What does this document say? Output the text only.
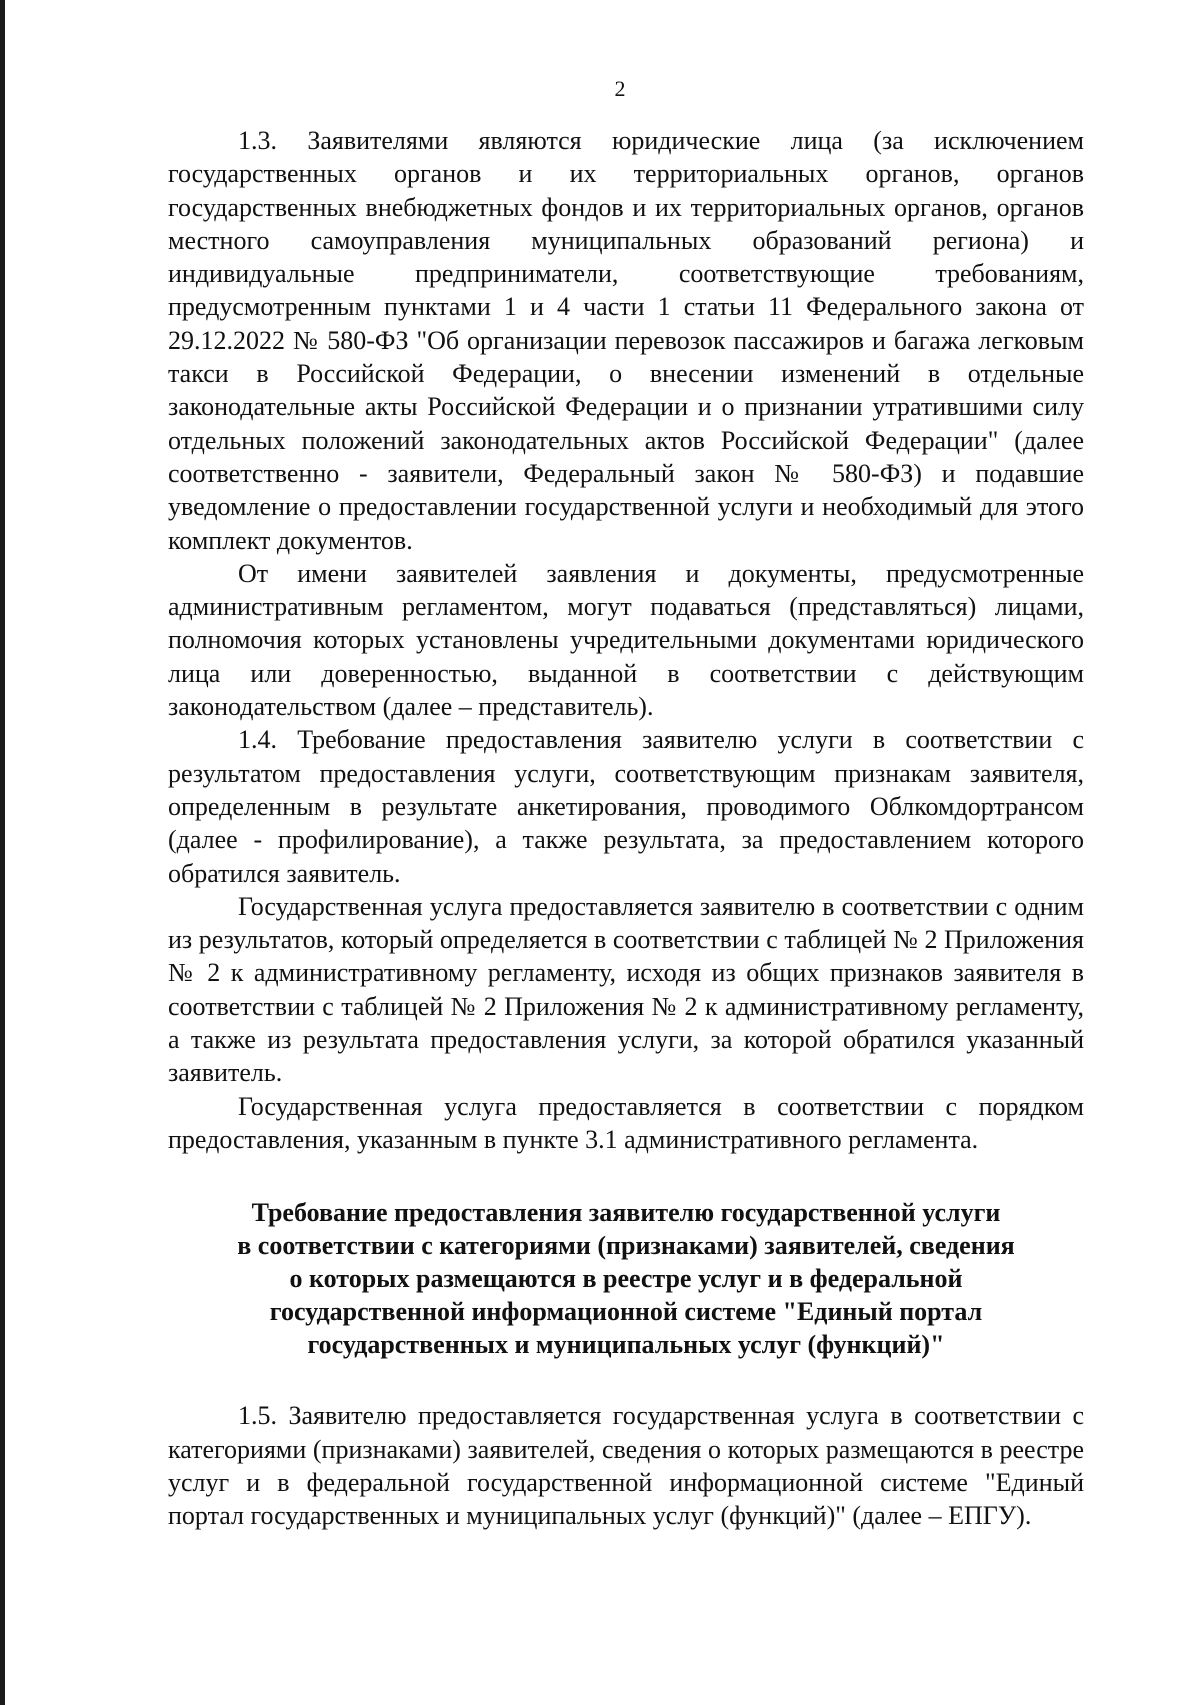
2

1.3. Заявителями являются юридические лица (за исключением государственных органов и их территориальных органов, органов государственных внебюджетных фондов и их территориальных органов, органов местного самоуправления муниципальных образований региона) и индивидуальные предприниматели, соответствующие требованиям, предусмотренным пунктами 1 и 4 части 1 статьи 11 Федерального закона от 29.12.2022 № 580-ФЗ "Об организации перевозок пассажиров и багажа легковым такси в Российской Федерации, о внесении изменений в отдельные законодательные акты Российской Федерации и о признании утратившими силу отдельных положений законодательных актов Российской Федерации" (далее соответственно - заявители, Федеральный закон № 580-ФЗ) и подавшие уведомление о предоставлении государственной услуги и необходимый для этого комплект документов.

От имени заявителей заявления и документы, предусмотренные административным регламентом, могут подаваться (представляться) лицами, полномочия которых установлены учредительными документами юридического лица или доверенностью, выданной в соответствии с действующим законодательством (далее – представитель).

1.4. Требование предоставления заявителю услуги в соответствии с результатом предоставления услуги, соответствующим признакам заявителя, определенным в результате анкетирования, проводимого Облкомдортрансом (далее - профилирование), а также результата, за предоставлением которого обратился заявитель.

Государственная услуга предоставляется заявителю в соответствии с одним из результатов, который определяется в соответствии с таблицей № 2 Приложения № 2 к административному регламенту, исходя из общих признаков заявителя в соответствии с таблицей № 2 Приложения № 2 к административному регламенту, а также из результата предоставления услуги, за которой обратился указанный заявитель.

Государственная услуга предоставляется в соответствии с порядком предоставления, указанным в пункте 3.1 административного регламента.

Требование предоставления заявителю государственной услуги
в соответствии с категориями (признаками) заявителей, сведения
о которых размещаются в реестре услуг и в федеральной
государственной информационной системе "Единый портал
государственных и муниципальных услуг (функций)"

1.5. Заявителю предоставляется государственная услуга в соответствии с категориями (признаками) заявителей, сведения о которых размещаются в реестре услуг и в федеральной государственной информационной системе "Единый портал государственных и муниципальных услуг (функций)" (далее – ЕПГУ).
